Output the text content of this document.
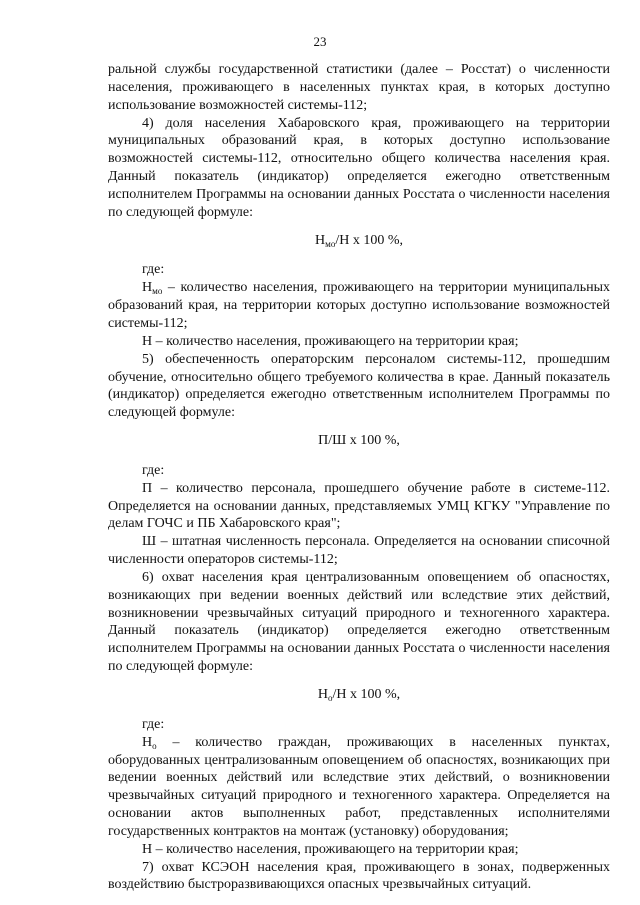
23

ральной службы государственной статистики (далее – Росстат) о численности населения, проживающего в населенных пунктах края, в которых доступно использование возможностей системы-112;

4) доля населения Хабаровского края, проживающего на территории муниципальных образований края, в которых доступно использование возможностей системы-112, относительно общего количества населения края. Данный показатель (индикатор) определяется ежегодно ответственным исполнителем Программы на основании данных Росстата о численности населения по следующей формуле:

$Н_{мо}/Н$ х 100 %,

где:

$Н_{мо}$ – количество населения, проживающего на территории муниципальных образований края, на территории которых доступно использование возможностей системы-112;

Н – количество населения, проживающего на территории края;

5) обеспеченность операторским персоналом системы-112, прошедшим обучение, относительно общего требуемого количества в крае. Данный показатель (индикатор) определяется ежегодно ответственным исполнителем Программы по следующей формуле:

П/Ш х 100 %,

где:

П – количество персонала, прошедшего обучение работе в системе-112. Определяется на основании данных, представляемых УМЦ КГКУ "Управление по делам ГОЧС и ПБ Хабаровского края";

Ш – штатная численность персонала. Определяется на основании списочной численности операторов системы-112;

6) охват населения края централизованным оповещением об опасностях, возникающих при ведении военных действий или вследствие этих действий, возникновении чрезвычайных ситуаций природного и техногенного характера. Данный показатель (индикатор) определяется ежегодно ответственным исполнителем Программы на основании данных Росстата о численности населения по следующей формуле:

$Н_о/Н$ х 100 %,

где:

$Н_о$ – количество граждан, проживающих в населенных пунктах, оборудованных централизованным оповещением об опасностях, возникающих при ведении военных действий или вследствие этих действий, о возникновении чрезвычайных ситуаций природного и техногенного характера. Определяется на основании актов выполненных работ, представленных исполнителями государственных контрактов на монтаж (установку) оборудования;

Н – количество населения, проживающего на территории края;

7) охват КСЭОН населения края, проживающего в зонах, подверженных воздействию быстроразвивающихся опасных чрезвычайных ситуаций.
